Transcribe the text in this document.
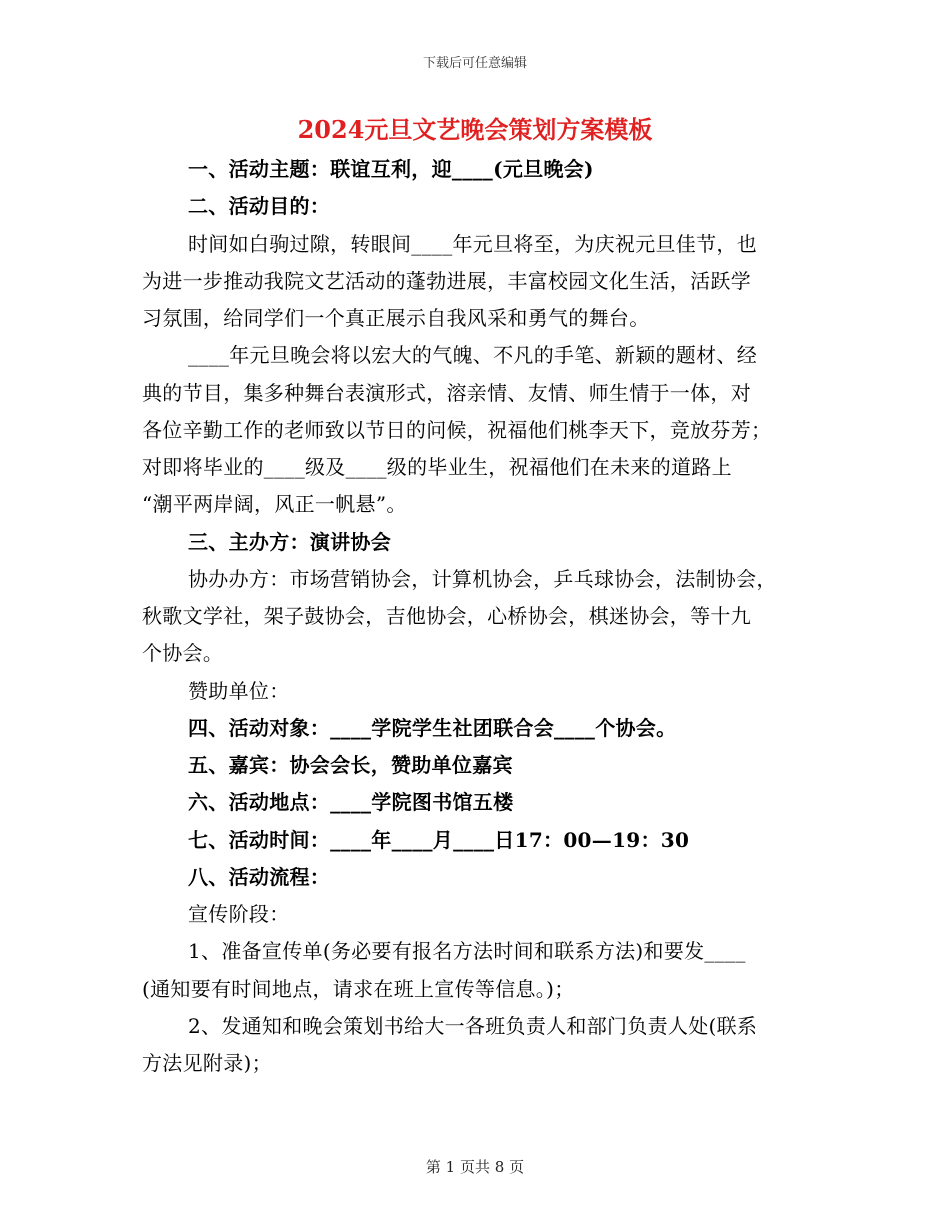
下载后可任意编辑
2024元旦文艺晚会策划方案模板
一、活动主题：联谊互利，迎____(元旦晚会)
二、活动目的：
时间如白驹过隙，转眼间____年元旦将至，为庆祝元旦佳节，也
为进一步推动我院文艺活动的蓬勃进展，丰富校园文化生活，活跃学
习氛围，给同学们一个真正展示自我风采和勇气的舞台。
____年元旦晚会将以宏大的气魄、不凡的手笔、新颖的题材、经
典的节目，集多种舞台表演形式，溶亲情、友情、师生情于一体，对
各位辛勤工作的老师致以节日的问候，祝福他们桃李天下，竞放芬芳；
对即将毕业的____级及____级的毕业生，祝福他们在未来的道路上
“潮平两岸阔，风正一帆悬”。
三、主办方：演讲协会
协办办方：市场营销协会，计算机协会，乒乓球协会，法制协会，
秋歌文学社，架子鼓协会，吉他协会，心桥协会，棋迷协会，等十九
个协会。
赞助单位：
四、活动对象：____学院学生社团联合会____个协会。
五、嘉宾：协会会长，赞助单位嘉宾
六、活动地点：____学院图书馆五楼
七、活动时间：____年____月____日17：00—19：30
八、活动流程：
宣传阶段：
1、准备宣传单(务必要有报名方法时间和联系方法)和要发____
(通知要有时间地点，请求在班上宣传等信息。)；
2、发通知和晚会策划书给大一各班负责人和部门负责人处(联系
方法见附录)；
第 1 页共 8 页
